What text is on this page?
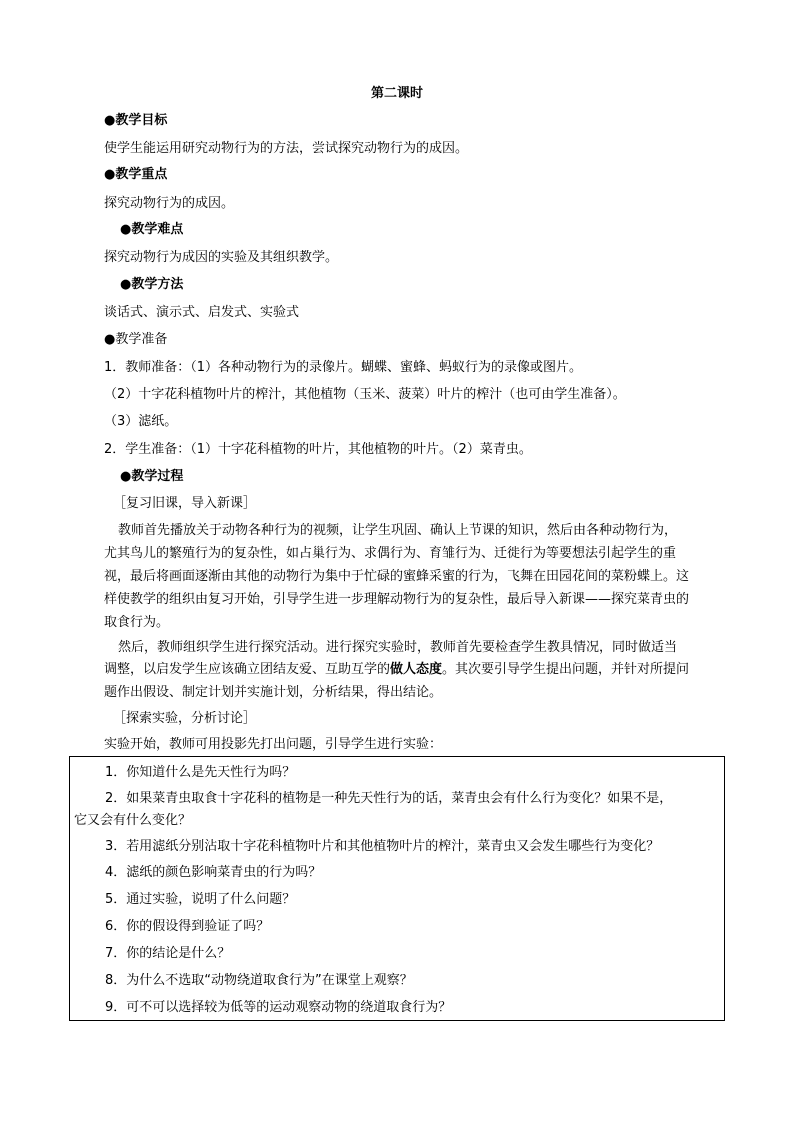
第二课时
●教学目标
使学生能运用研究动物行为的方法，尝试探究动物行为的成因。
●教学重点
探究动物行为的成因。
●教学难点
探究动物行为成因的实验及其组织教学。
●教学方法
谈话式、演示式、启发式、实验式
●教学准备
1．教师准备：（1）各种动物行为的录像片。蝴蝶、蜜蜂、蚂蚁行为的录像或图片。
（2）十字花科植物叶片的榨汁，其他植物（玉米、菠菜）叶片的榨汁（也可由学生准备）。
（3）滤纸。
2．学生准备：（1）十字花科植物的叶片，其他植物的叶片。（2）菜青虫。
●教学过程
［复习旧课，导入新课］
教师首先播放关于动物各种行为的视频，让学生巩固、确认上节课的知识，然后由各种动物行为，
尤其鸟儿的繁殖行为的复杂性，如占巢行为、求偶行为、育雏行为、迁徙行为等要想法引起学生的重
视，最后将画面逐渐由其他的动物行为集中于忙碌的蜜蜂采蜜的行为，飞舞在田园花间的菜粉蝶上。这
样使教学的组织由复习开始，引导学生进一步理解动物行为的复杂性，最后导入新课——探究菜青虫的
取食行为。
然后，教师组织学生进行探究活动。进行探究实验时，教师首先要检查学生教具情况，同时做适当
调整，以启发学生应该确立团结友爱、互助互学的做人态度。其次要引导学生提出问题，并针对所提问
题作出假设、制定计划并实施计划，分析结果，得出结论。
［探索实验，分析讨论］
实验开始，教师可用投影先打出问题，引导学生进行实验：
1．你知道什么是先天性行为吗？
2．如果菜青虫取食十字花科的植物是一种先天性行为的话，菜青虫会有什么行为变化？如果不是，
它又会有什么变化？
3．若用滤纸分别沾取十字花科植物叶片和其他植物叶片的榨汁，菜青虫又会发生哪些行为变化？
4．滤纸的颜色影响菜青虫的行为吗？
5．通过实验，说明了什么问题？
6．你的假设得到验证了吗？
7．你的结论是什么？
8．为什么不选取“动物绕道取食行为”在课堂上观察？
9．可不可以选择较为低等的运动观察动物的绕道取食行为？
